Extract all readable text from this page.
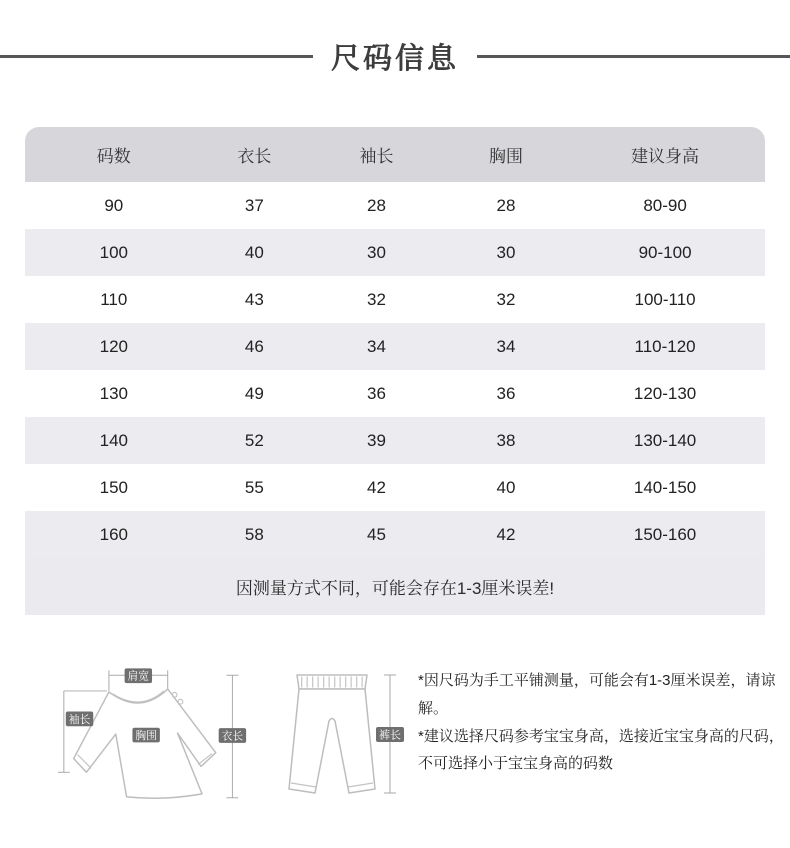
尺码信息
码数	衣长	袖长	胸围	建议身高
90	37	28	28	80-90
100	40	30	30	90-100
110	43	32	32	100-110
120	46	34	34	110-120
130	49	36	36	120-130
140	52	39	38	130-140
150	55	42	40	140-150
160	58	45	42	150-160
因测量方式不同，可能会存在1-3厘米误差!
肩宽
袖长
胸围	衣长	裤长

*因尺码为手工平铺测量，可能会有1-3厘米误差，请谅解。

*建议选择尺码参考宝宝身高，选接近宝宝身高的尺码，不可选择小于宝宝身高的码数
